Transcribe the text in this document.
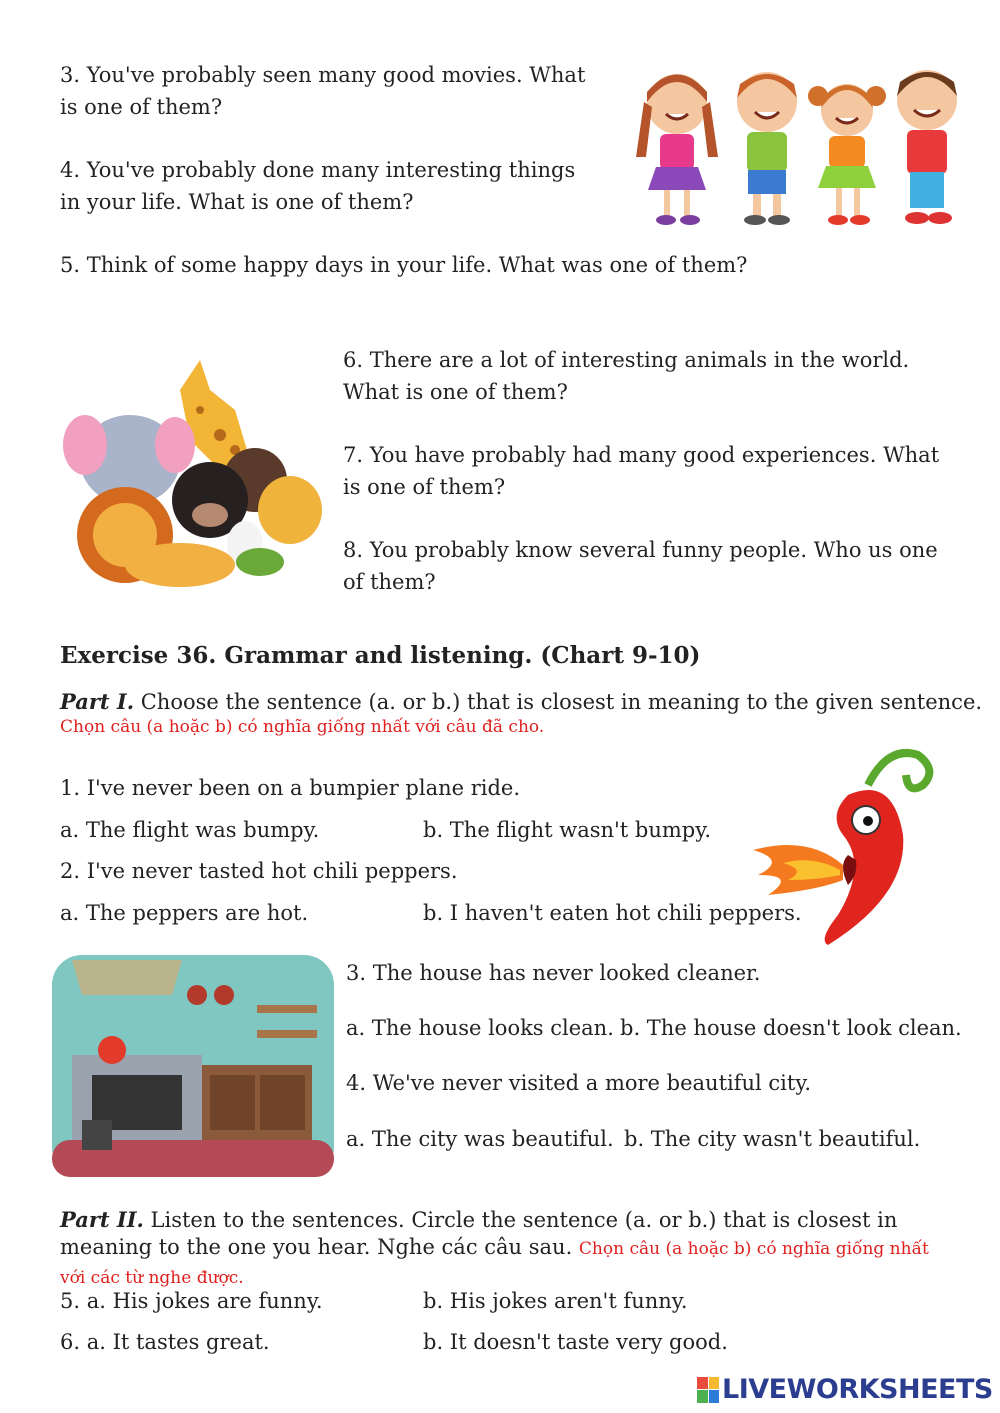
3. You've probably seen many good movies. What is one of them?
4. You've probably done many interesting things in your life. What is one of them?
5. Think of some happy days in your life. What was one of them?
6. There are a lot of interesting animals in the world. What is one of them?
7. You have probably had many good experiences. What is one of them?
8. You probably know several funny people. Who us one of them?
Exercise 36. Grammar and listening. (Chart 9-10)
Part I. Choose the sentence (a. or b.) that is closest in meaning to the given sentence.
Chọn câu (a hoặc b) có nghĩa giống nhất với câu đã cho.
1. I've never been on a bumpier plane ride.
a. The flight was bumpy.	b. The flight wasn't bumpy.
2. I've never tasted hot chili peppers.
a. The peppers are hot.	b. I haven't eaten hot chili peppers.
3. The house has never looked cleaner.
a. The house looks clean. b. The house doesn't look clean.
4. We've never visited a more beautiful city.
a. The city was beautiful. b. The city wasn't beautiful.
Part II. Listen to the sentences. Circle the sentence (a. or b.) that is closest in meaning to the one you hear. Nghe các câu sau. Chọn câu (a hoặc b) có nghĩa giống nhất với các từ nghe được.
5. a. His jokes are funny.	b. His jokes aren't funny.
6. a. It tastes great.	b. It doesn't taste very good.
LIVEWORKSHEETS
